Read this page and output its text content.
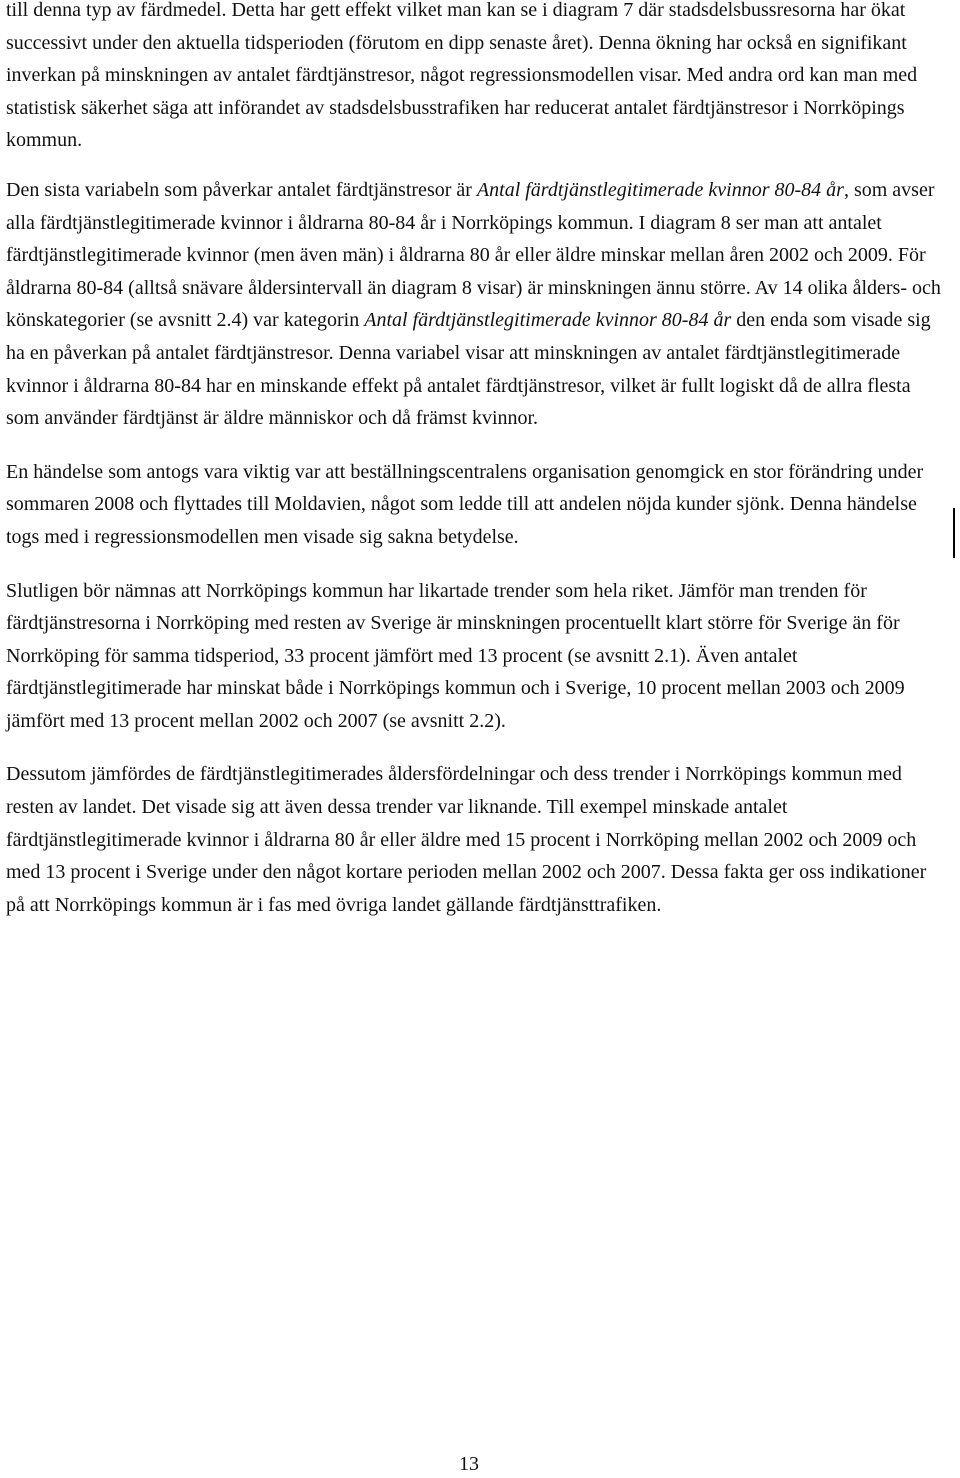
till denna typ av färdmedel. Detta har gett effekt vilket man kan se i diagram 7 där stadsdelsbussresorna har ökat successivt under den aktuella tidsperioden (förutom en dipp senaste året). Denna ökning har också en signifikant inverkan på minskningen av antalet färdtjänstresor, något regressionsmodellen visar. Med andra ord kan man med statistisk säkerhet säga att införandet av stadsdelsbusstrafiken har reducerat antalet färdtjänstresor i Norrköpings kommun.

Den sista variabeln som påverkar antalet färdtjänstresor är Antal färdtjänstlegitimerade kvinnor 80-84 år, som avser alla färdtjänstlegitimerade kvinnor i åldrarna 80-84 år i Norrköpings kommun. I diagram 8 ser man att antalet färdtjänstlegitimerade kvinnor (men även män) i åldrarna 80 år eller äldre minskar mellan åren 2002 och 2009. För åldrarna 80-84 (alltså snävare åldersintervall än diagram 8 visar) är minskningen ännu större. Av 14 olika ålders- och könskategorier (se avsnitt 2.4) var kategorin Antal färdtjänstlegitimerade kvinnor 80-84 år den enda som visade sig ha en påverkan på antalet färdtjänstresor. Denna variabel visar att minskningen av antalet färdtjänstlegitimerade kvinnor i åldrarna 80-84 har en minskande effekt på antalet färdtjänstresor, vilket är fullt logiskt då de allra flesta som använder färdtjänst är äldre människor och då främst kvinnor.

En händelse som antogs vara viktig var att beställningscentralens organisation genomgick en stor förändring under sommaren 2008 och flyttades till Moldavien, något som ledde till att andelen nöjda kunder sjönk. Denna händelse togs med i regressionsmodellen men visade sig sakna betydelse.

Slutligen bör nämnas att Norrköpings kommun har likartade trender som hela riket. Jämför man trenden för färdtjänstresorna i Norrköping med resten av Sverige är minskningen procentuellt klart större för Sverige än för Norrköping för samma tidsperiod, 33 procent jämfört med 13 procent (se avsnitt 2.1). Även antalet färdtjänstlegitimerade har minskat både i Norrköpings kommun och i Sverige, 10 procent mellan 2003 och 2009 jämfört med 13 procent mellan 2002 och 2007 (se avsnitt 2.2).

Dessutom jämfördes de färdtjänstlegitimerades åldersfördelningar och dess trender i Norrköpings kommun med resten av landet. Det visade sig att även dessa trender var liknande. Till exempel minskade antalet färdtjänstlegitimerade kvinnor i åldrarna 80 år eller äldre med 15 procent i Norrköping mellan 2002 och 2009 och med 13 procent i Sverige under den något kortare perioden mellan 2002 och 2007. Dessa fakta ger oss indikationer på att Norrköpings kommun är i fas med övriga landet gällande färdtjänsttrafiken.

13
